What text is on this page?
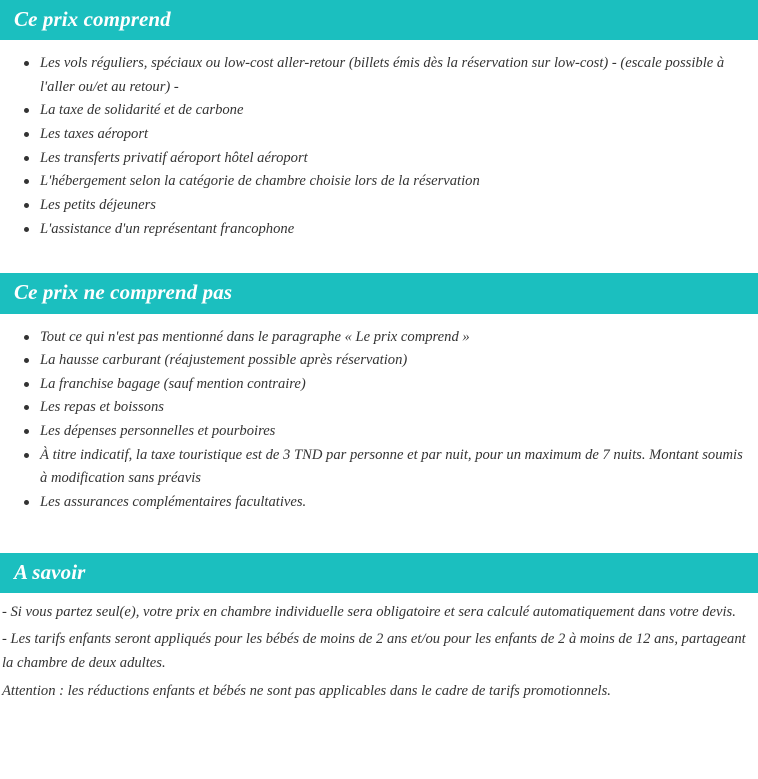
Ce prix comprend
Les vols réguliers, spéciaux ou low-cost aller-retour (billets émis dès la réservation sur low-cost) - (escale possible à l'aller ou/et au retour) -
La taxe de solidarité et de carbone
Les taxes aéroport
Les transferts privatif aéroport hôtel aéroport
L'hébergement selon la catégorie de chambre choisie lors de la réservation
Les petits déjeuners
L'assistance d'un représentant francophone
Ce prix ne comprend pas
Tout ce qui n'est pas mentionné dans le paragraphe « Le prix comprend »
La hausse carburant (réajustement possible après réservation)
La franchise bagage (sauf mention contraire)
Les repas et boissons
Les dépenses personnelles et pourboires
À titre indicatif, la taxe touristique est de 3 TND par personne et par nuit, pour un maximum de 7 nuits. Montant soumis à modification sans préavis
Les assurances complémentaires facultatives.
A savoir

- Si vous partez seul(e), votre prix en chambre individuelle sera obligatoire et sera calculé automatiquement dans votre devis.

- Les tarifs enfants seront appliqués pour les bébés de moins de 2 ans et/ou pour les enfants de 2 à moins de 12 ans, partageant la chambre de deux adultes.

Attention : les réductions enfants et bébés ne sont pas applicables dans le cadre de tarifs promotionnels.
